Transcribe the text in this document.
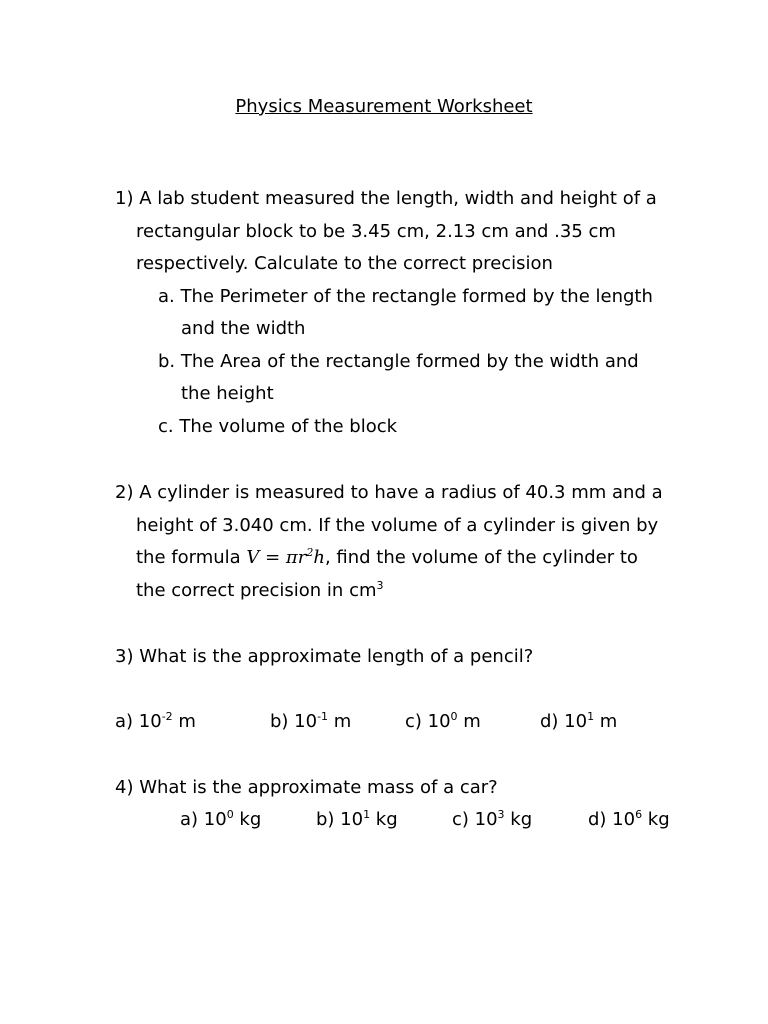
Physics Measurement Worksheet
1) A lab student measured the length, width and height of a
rectangular block to be 3.45 cm, 2.13 cm and .35 cm
respectively. Calculate to the correct precision
a. The Perimeter of the rectangle formed by the length
and the width
b. The Area of the rectangle formed by the width and
the height
c. The volume of the block
2) A cylinder is measured to have a radius of 40.3 mm and a
height of 3.040 cm. If the volume of a cylinder is given by
the formula $V = \pi r^2h$, find the volume of the cylinder to
the correct precision in $cm^3$
3) What is the approximate length of a pencil?
a) $10^{-2}$ m	b) $10^{-1}$ m	c) $10^0$ m	d) $10^1$ m
4) What is the approximate mass of a car?
a) $10^0$ kg	b) $10^1$ kg	c) $10^3$ kg	d) $10^6$ kg
